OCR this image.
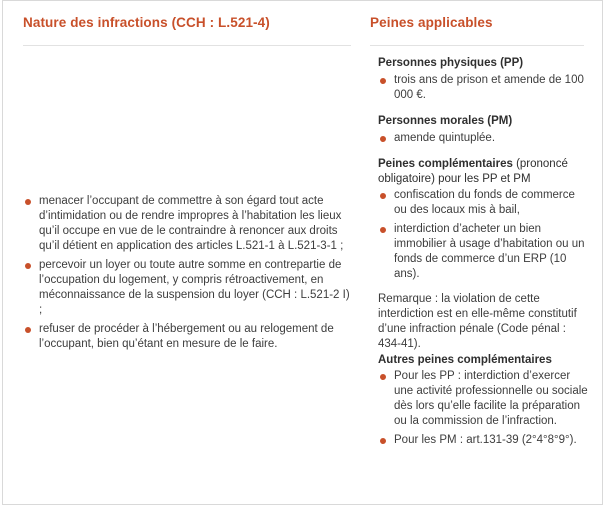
Nature des infractions (CCH : L.521-4)	Peines applicables
menacer l’occupant de commettre à son égard tout acte d’intimidation ou de rendre impropres à l’habitation les lieux qu’il occupe en vue de le contraindre à renoncer aux droits qu’il détient en application des articles L.521-1 à L.521-3-1 ;
percevoir un loyer ou toute autre somme en contrepartie de l’occupation du logement, y compris rétroactivement, en méconnaissance de la suspension du loyer (CCH : L.521-2 I) ;
refuser de procéder à l’hébergement ou au relogement de l’occupant, bien qu’étant en mesure de le faire.
Personnes physiques (PP)
trois ans de prison et amende de 100 000 €.
Personnes morales (PM)
amende quintuplée.
Peines complémentaires (prononcé obligatoire) pour les PP et PM
confiscation du fonds de commerce ou des locaux mis à bail,
interdiction d’acheter un bien immobilier à usage d’habitation ou un fonds de commerce d’un ERP (10 ans).
Remarque : la violation de cette interdiction est en elle-même constitutif d’une infraction pénale (Code pénal : 434-41).
Autres peines complémentaires
Pour les PP : interdiction d’exercer une activité professionnelle ou sociale dès lors qu’elle facilite la préparation ou la commission de l’infraction.
Pour les PM : art.131-39 (2°4°8°9°).
